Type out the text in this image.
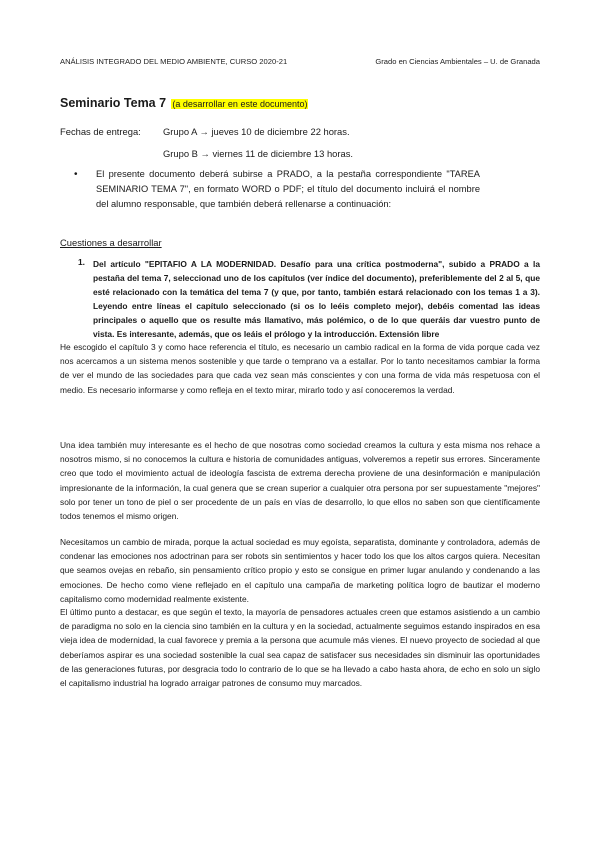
ANÁLISIS INTEGRADO DEL MEDIO AMBIENTE, CURSO 2020-21	Grado en Ciencias Ambientales – U. de Granada
Seminario Tema 7 (a desarrollar en este documento)
Fechas de entrega: Grupo A → jueves 10 de diciembre 22 horas.
Grupo B → viernes 11 de diciembre 13 horas.
• El presente documento deberá subirse a PRADO, a la pestaña correspondiente "TAREA SEMINARIO TEMA 7", en formato WORD o PDF; el título del documento incluirá el nombre del alumno responsable, que también deberá rellenarse a continuación:
Cuestiones a desarrollar
1. Del artículo "EPITAFIO A LA MODERNIDAD. Desafío para una crítica postmoderna", subido a PRADO a la pestaña del tema 7, seleccionad uno de los capítulos (ver índice del documento), preferiblemente del 2 al 5, que esté relacionado con la temática del tema 7 (y que, por tanto, también estará relacionado con los temas 1 a 3). Leyendo entre líneas el capítulo seleccionado (si os lo leéis completo mejor), debéis comentad las ideas principales o aquello que os resulte más llamativo, más polémico, o de lo que queráis dar vuestro punto de vista. Es interesante, además, que os leáis el prólogo y la introducción. Extensión libre

He escogido el capítulo 3 y como hace referencia el título, es necesario un cambio radical en la forma de vida porque cada vez nos acercamos a un sistema menos sostenible y que tarde o temprano va a estallar. Por lo tanto necesitamos cambiar la forma de ver el mundo de las sociedades para que cada vez sean más conscientes y con una forma de vida más respetuosa con el medio. Es necesario informarse y como refleja en el texto mirar, mirarlo todo y así conoceremos la verdad.

Una idea también muy interesante es el hecho de que nosotras como sociedad creamos la cultura y esta misma nos rehace a nosotros mismo, si no conocemos la cultura e historia de comunidades antiguas, volveremos a repetir sus errores. Sinceramente creo que todo el movimiento actual de ideología fascista de extrema derecha proviene de una desinformación e manipulación impresionante de la información, la cual genera que se crean superior a cualquier otra persona por ser supuestamente "mejores" solo por tener un tono de piel o ser procedente de un país en vías de desarrollo, lo que ellos no saben son que científicamente todos tenemos el mismo origen.

Necesitamos un cambio de mirada, porque la actual sociedad es muy egoísta, separatista, dominante y controladora, además de condenar las emociones nos adoctrinan para ser robots sin sentimientos y hacer todo los que los altos cargos quiera. Necesitan que seamos ovejas en rebaño, sin pensamiento crítico propio y esto se consigue en primer lugar anulando y condenando a las emociones. De hecho como viene reflejado en el capítulo una campaña de marketing política logro de bautizar el moderno capitalismo como modernidad realmente existente.

El último punto a destacar, es que según el texto, la mayoría de pensadores actuales creen que estamos asistiendo a un cambio de paradigma no solo en la ciencia sino también en la cultura y en la sociedad, actualmente seguimos estando inspirados en esa vieja idea de modernidad, la cual favorece y premia a la persona que acumule más vienes. El nuevo proyecto de sociedad al que deberíamos aspirar es una sociedad sostenible la cual sea capaz de satisfacer sus necesidades sin disminuir las oportunidades de las generaciones futuras, por desgracia todo lo contrario de lo que se ha llevado a cabo hasta ahora, de echo en solo un siglo el capitalismo industrial ha logrado arraigar patrones de consumo muy marcados.
